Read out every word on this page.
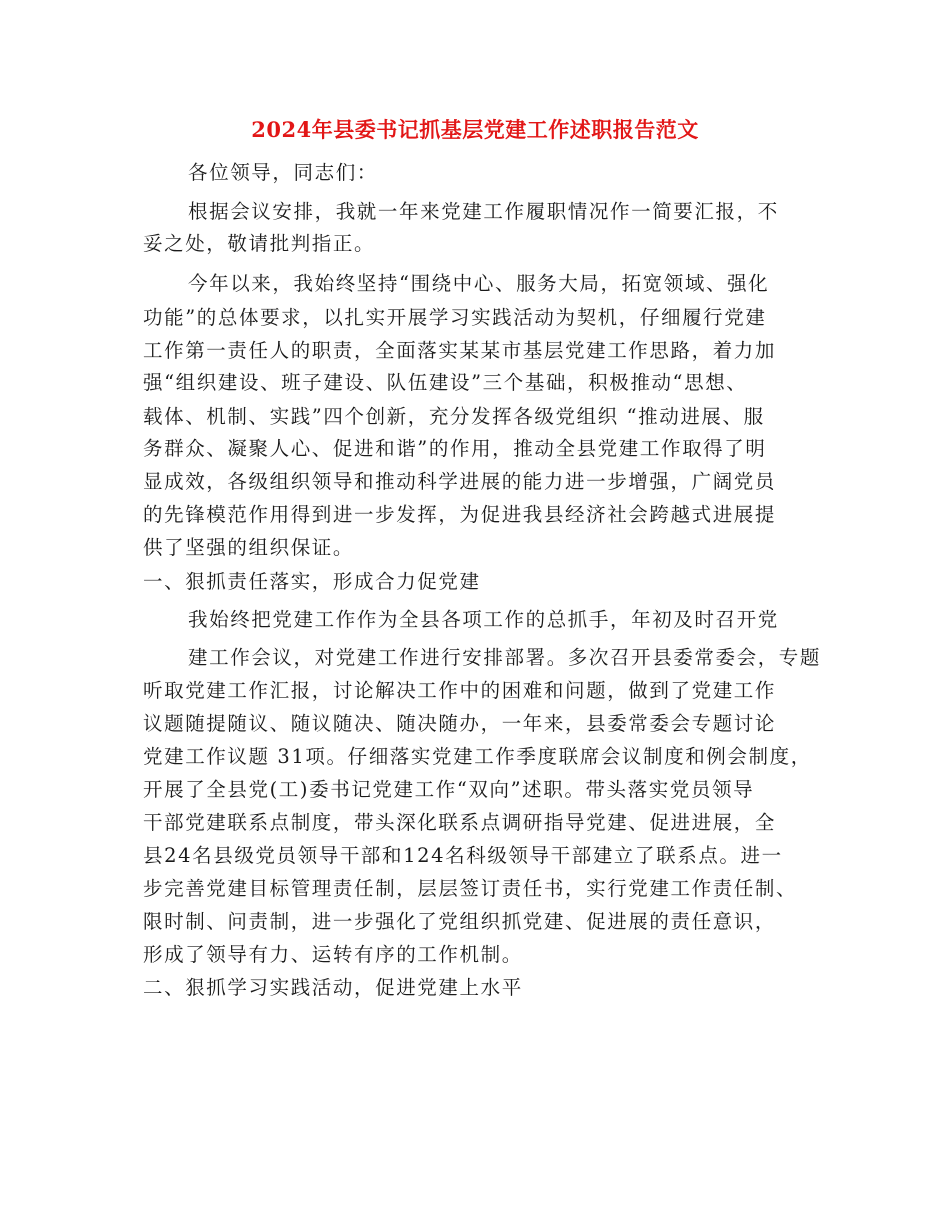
2024年县委书记抓基层党建工作述职报告范文
各位领导，同志们：
根据会议安排，我就一年来党建工作履职情况作一简要汇报，不
妥之处，敬请批判指正。
今年以来，我始终坚持“围绕中心、服务大局，拓宽领域、强化
功能”的总体要求，以扎实开展学习实践活动为契机，仔细履行党建
工作第一责任人的职责，全面落实某某市基层党建工作思路，着力加
强“组织建设、班子建设、队伍建设”三个基础，积极推动“思想、
载体、机制、实践”四个创新，充分发挥各级党组织 “推动进展、服
务群众、凝聚人心、促进和谐”的作用，推动全县党建工作取得了明
显成效，各级组织领导和推动科学进展的能力进一步增强，广阔党员
的先锋模范作用得到进一步发挥，为促进我县经济社会跨越式进展提
供了坚强的组织保证。
一、狠抓责任落实，形成合力促党建
我始终把党建工作作为全县各项工作的总抓手，年初及时召开党
建工作会议，对党建工作进行安排部署。多次召开县委常委会，专题
听取党建工作汇报，讨论解决工作中的困难和问题，做到了党建工作
议题随提随议、随议随决、随决随办，一年来，县委常委会专题讨论
党建工作议题 31项。仔细落实党建工作季度联席会议制度和例会制度，
开展了全县党(工)委书记党建工作“双向”述职。带头落实党员领导
干部党建联系点制度，带头深化联系点调研指导党建、促进进展，全
县24名县级党员领导干部和124名科级领导干部建立了联系点。进一
步完善党建目标管理责任制，层层签订责任书，实行党建工作责任制、
限时制、问责制，进一步强化了党组织抓党建、促进展的责任意识，
形成了领导有力、运转有序的工作机制。
二、狠抓学习实践活动，促进党建上水平
